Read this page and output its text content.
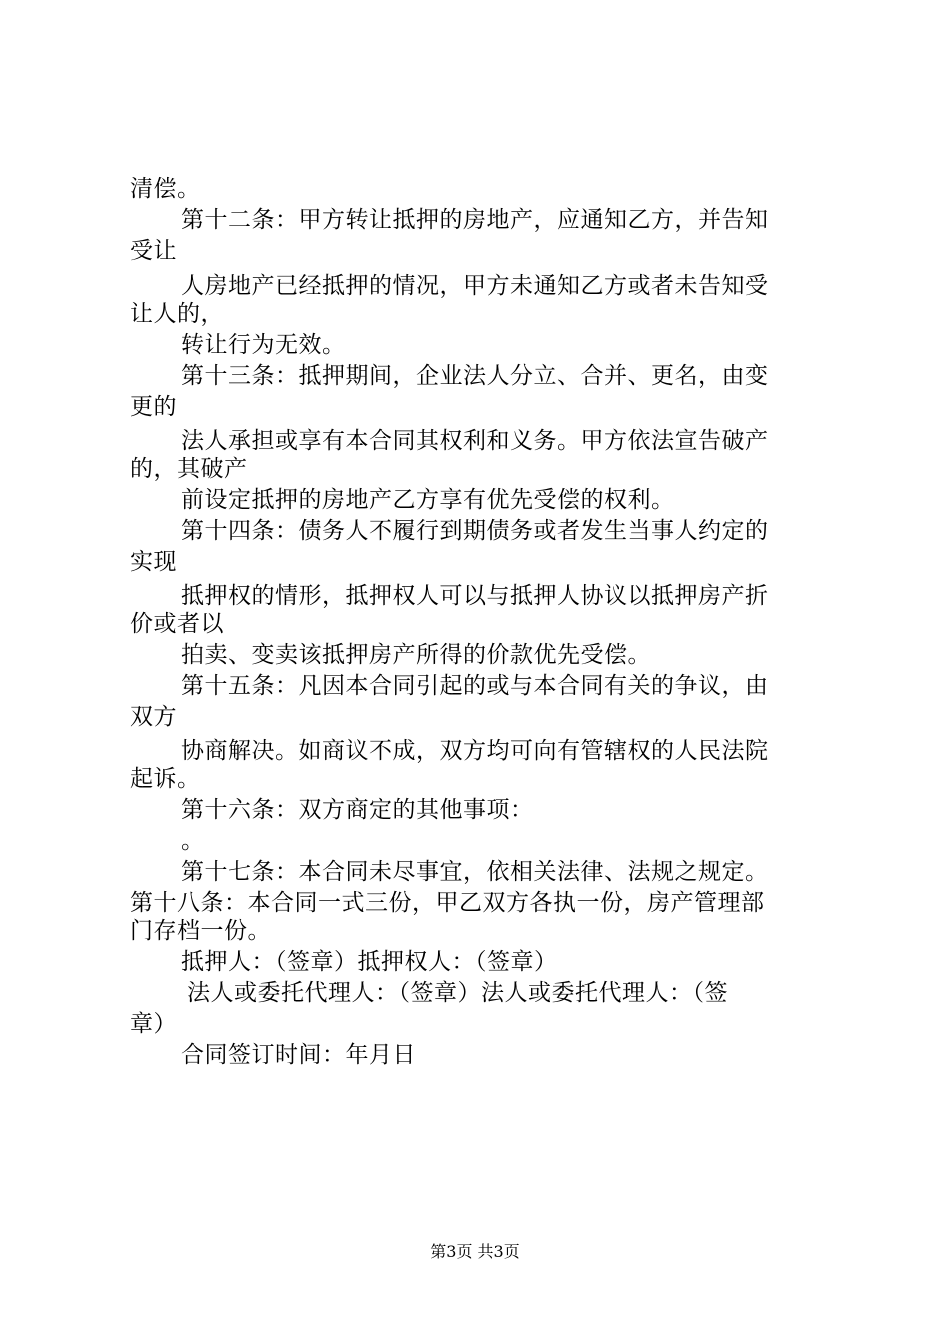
清偿。
第十二条：甲方转让抵押的房地产，应通知乙方，并告知
受让
人房地产已经抵押的情况，甲方未通知乙方或者未告知受
让人的，
转让行为无效。
第十三条：抵押期间，企业法人分立、合并、更名，由变
更的
法人承担或享有本合同其权利和义务。甲方依法宣告破产
的，其破产
前设定抵押的房地产乙方享有优先受偿的权利。
第十四条：债务人不履行到期债务或者发生当事人约定的
实现
抵押权的情形，抵押权人可以与抵押人协议以抵押房产折
价或者以
拍卖、变卖该抵押房产所得的价款优先受偿。
第十五条：凡因本合同引起的或与本合同有关的争议，由
双方
协商解决。如商议不成，双方均可向有管辖权的人民法院
起诉。
第十六条：双方商定的其他事项：
。
第十七条：本合同未尽事宜，依相关法律、法规之规定。
第十八条：本合同一式三份，甲乙双方各执一份，房产管理部
门存档一份。
抵押人：（签章）抵押权人：（签章）
法人或委托代理人：（签章）法人或委托代理人：（签
章）
合同签订时间：年月日
第3页 共3页
